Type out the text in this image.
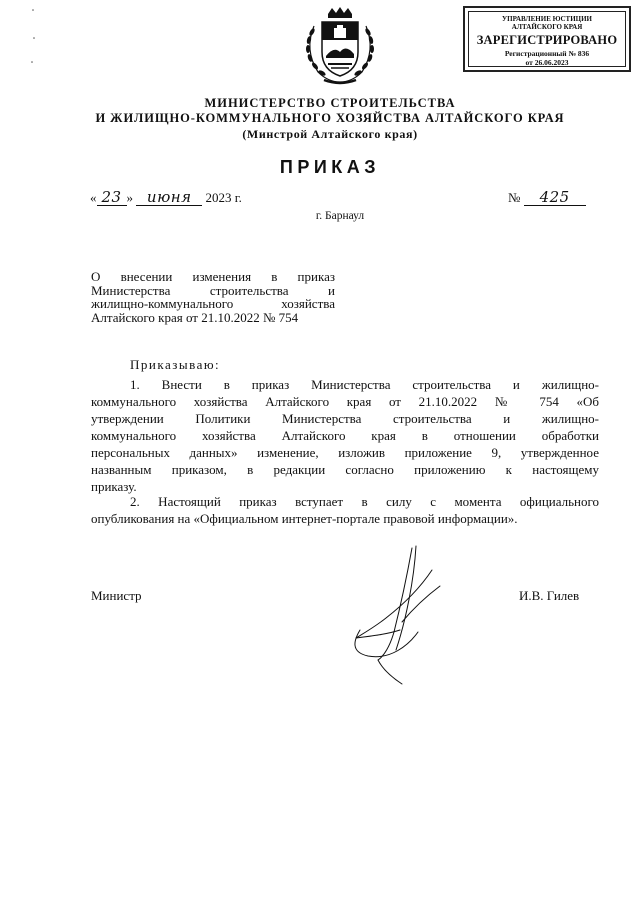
УПРАВЛЕНИЕ ЮСТИЦИИ
АЛТАЙСКОГО КРАЯ
ЗАРЕГИСТРИРОВАНО
Регистрационный № 836
от 26.06.2023
МИНИСТЕРСТВО СТРОИТЕЛЬСТВА
И ЖИЛИЩНО-КОММУНАЛЬНОГО ХОЗЯЙСТВА АЛТАЙСКОГО КРАЯ
(Минстрой Алтайского края)
ПРИКАЗ
« 23 » июня 2023 г.	№ 425
г. Барнаул
О внесении изменения в приказ
Министерства строительства и
жилищно-коммунального хозяйства
Алтайского края от 21.10.2022 № 754
Приказываю:
1. Внести в приказ Министерства строительства и жилищно-
коммунального хозяйства Алтайского края от 21.10.2022 № 754 «Об
утверждении Политики Министерства строительства и жилищно-
коммунального хозяйства Алтайского края в отношении обработки
персональных данных» изменение, изложив приложение 9, утвержденное
названным приказом, в редакции согласно приложению к настоящему
приказу.
2. Настоящий приказ вступает в силу с момента официального
опубликования на «Официальном интернет-портале правовой информации».
Министр	И.В. Гилев
